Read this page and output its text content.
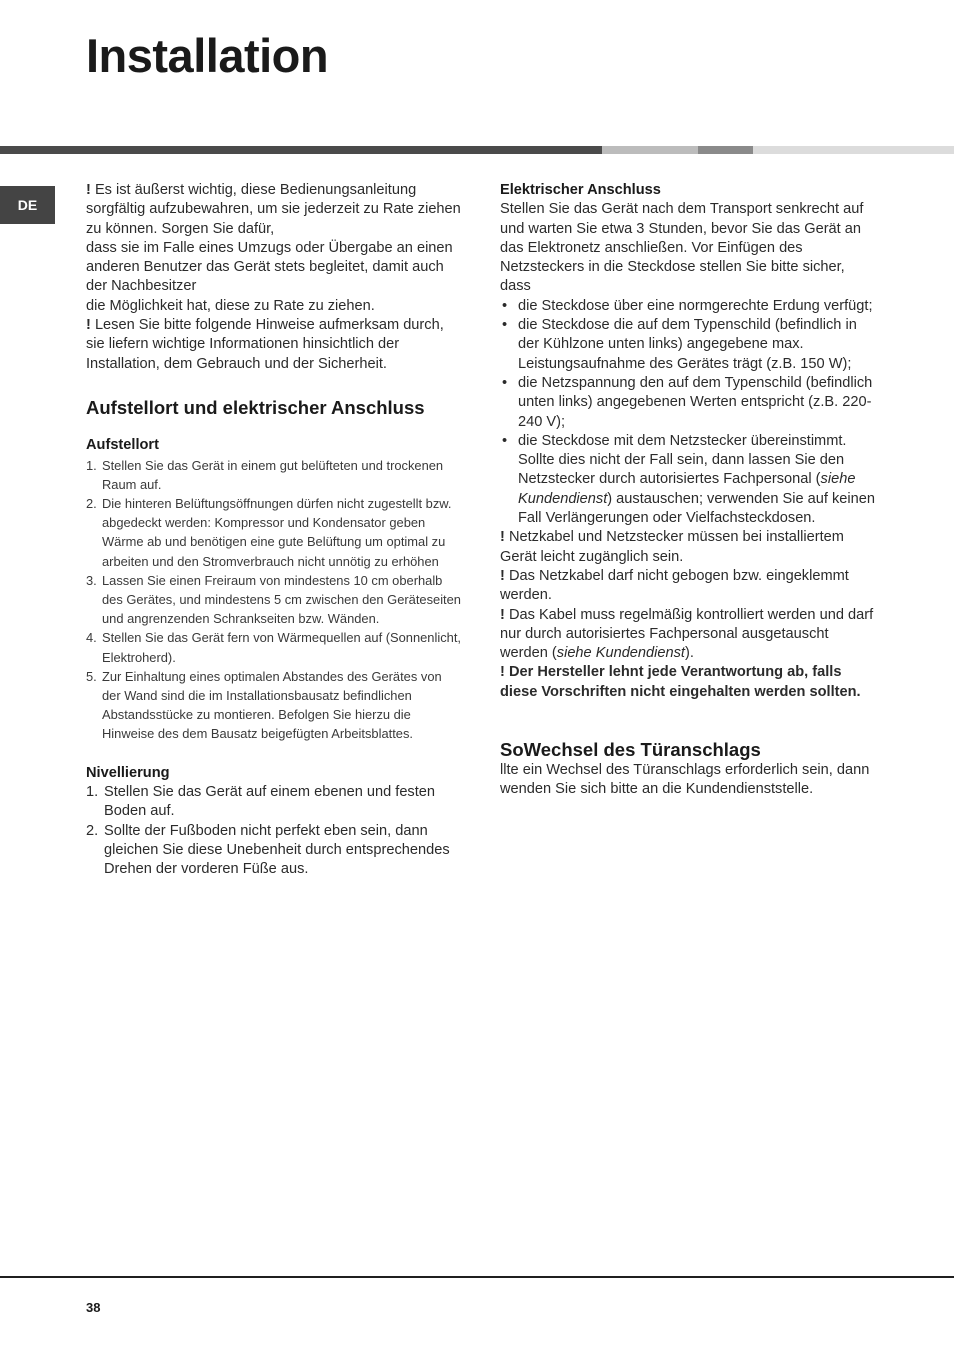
Installation
DE

! Es ist äußerst wichtig, diese Bedienungsanleitung sorgfältig aufzubewahren, um sie jederzeit zu Rate ziehen zu können. Sorgen Sie dafür,

dass sie im Falle eines Umzugs oder Übergabe an einen anderen Benutzer das Gerät stets begleitet, damit auch der Nachbesitzer

die Möglichkeit hat, diese zu Rate zu ziehen.

! Lesen Sie bitte folgende Hinweise aufmerksam durch, sie liefern wichtige Informationen hinsichtlich der Installation, dem Gebrauch und der Sicherheit.

Aufstellort und elektrischer Anschluss
Aufstellort
1. Stellen Sie das Gerät in einem gut belüfteten und trockenen Raum auf.
2. Die hinteren Belüftungsöffnungen dürfen nicht zugestellt bzw. abgedeckt werden: Kompressor und Kondensator geben Wärme ab und benötigen eine gute Belüftung um optimal zu arbeiten und den Stromverbrauch nicht unnötig zu erhöhen
3. Lassen Sie einen Freiraum von mindestens 10 cm oberhalb des Gerätes, und mindestens 5 cm zwischen den Geräteseiten und angrenzenden Schrankseiten bzw. Wänden.
4. Stellen Sie das Gerät fern von Wärmequellen auf (Sonnenlicht, Elektroherd).
5. Zur Einhaltung eines optimalen Abstandes des Gerätes von der Wand sind die im Installationsbausatz befindlichen Abstandsstücke zu montieren. Befolgen Sie hierzu die Hinweise des dem Bausatz beigefügten Arbeitsblattes.
Nivellierung
1. Stellen Sie das Gerät auf einem ebenen und festen Boden auf.
2. Sollte der Fußboden nicht perfekt eben sein, dann gleichen Sie diese Unebenheit durch entsprechendes Drehen der vorderen Füße aus.
Elektrischer Anschluss

Stellen Sie das Gerät nach dem Transport senkrecht auf und warten Sie etwa 3 Stunden, bevor Sie das Gerät an das Elektronetz anschließen. Vor Einfügen des Netzsteckers in die Steckdose stellen Sie bitte sicher, dass

• die Steckdose über eine normgerechte Erdung verfügt;
• die Steckdose die auf dem Typenschild (befindlich in der Kühlzone unten links) angegebene max. Leistungsaufnahme des Gerätes trägt (z.B. 150 W);
• die Netzspannung den auf dem Typenschild (befindlich unten links) angegebenen Werten entspricht (z.B. 220-240 V);
• die Steckdose mit dem Netzstecker übereinstimmt. Sollte dies nicht der Fall sein, dann lassen Sie den Netzstecker durch autorisiertes Fachpersonal (siehe Kundendienst) austauschen; verwenden Sie auf keinen Fall Verlängerungen oder Vielfachsteckdosen.

! Netzkabel und Netzstecker müssen bei installiertem Gerät leicht zugänglich sein.

! Das Netzkabel darf nicht gebogen bzw. eingeklemmt werden.

! Das Kabel muss regelmäßig kontrolliert werden und darf nur durch autorisiertes Fachpersonal ausgetauscht werden (siehe Kundendienst).

! Der Hersteller lehnt jede Verantwortung ab, falls diese Vorschriften nicht eingehalten werden sollten.

SoWechsel des Türanschlags

llte ein Wechsel des Türanschlags erforderlich sein, dann wenden Sie sich bitte an die Kundendienststelle.

38
